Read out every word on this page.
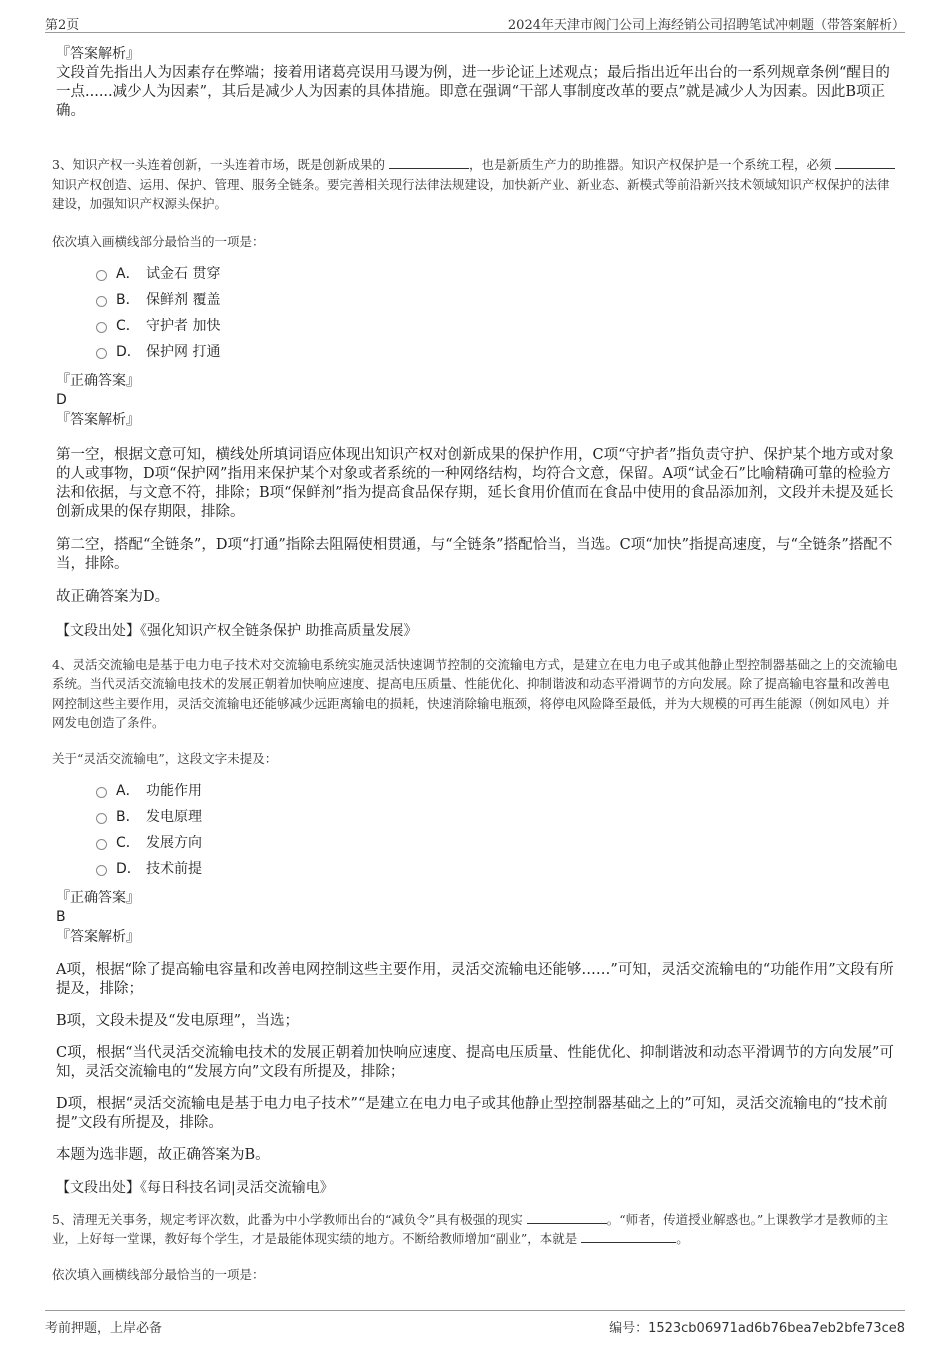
第2页	2024年天津市阀门公司上海经销公司招聘笔试冲刺题（带答案解析）

『答案解析』

文段首先指出人为因素存在弊端；接着用诸葛亮误用马谡为例，进一步论证上述观点；最后指出近年出台的一系列规章条例“醒目的一点......减少人为因素”，其后是减少人为因素的具体措施。即意在强调“干部人事制度改革的要点”就是减少人为因素。因此B项正确。

3、知识产权一头连着创新，一头连着市场，既是创新成果的	，也是新质生产力的助推器。知识产权保护是一个系统工程，必须 知识产权创造、运用、保护、管理、服务全链条。要完善相关现行法律法规建设，加快新产业、新业态、新模式等前沿新兴技术领域知识产权保护的法律建设，加强知识产权源头保护。

依次填入画横线部分最恰当的一项是：

A． 试金石 贯穿
B． 保鲜剂 覆盖
C． 守护者 加快
D． 保护网 打通

『正确答案』

D

『答案解析』

第一空，根据文意可知，横线处所填词语应体现出知识产权对创新成果的保护作用，C项“守护者”指负责守护、保护某个地方或对象的人或事物，D项“保护网”指用来保护某个对象或者系统的一种网络结构，均符合文意，保留。A项“试金石”比喻精确可靠的检验方法和依据，与文意不符，排除；B项“保鲜剂”指为提高食品保存期，延长食用价值而在食品中使用的食品添加剂，文段并未提及延长创新成果的保存期限，排除。

第二空，搭配“全链条”，D项“打通”指除去阻隔使相贯通，与“全链条”搭配恰当，当选。C项“加快”指提高速度，与“全链条”搭配不当，排除。

故正确答案为D。

【文段出处】《强化知识产权全链条保护 助推高质量发展》

4、灵活交流输电是基于电力电子技术对交流输电系统实施灵活快速调节控制的交流输电方式，是建立在电力电子或其他静止型控制器基础之上的交流输电系统。当代灵活交流输电技术的发展正朝着加快响应速度、提高电压质量、性能优化、抑制谐波和动态平滑调节的方向发展。除了提高输电容量和改善电网控制这些主要作用，灵活交流输电还能够减少远距离输电的损耗，快速消除输电瓶颈，将停电风险降至最低，并为大规模的可再生能源（例如风电）并网发电创造了条件。

关于“灵活交流输电”，这段文字未提及：

A． 功能作用
B． 发电原理
C． 发展方向
D． 技术前提

『正确答案』

B

『答案解析』

A项，根据“除了提高输电容量和改善电网控制这些主要作用，灵活交流输电还能够……”可知，灵活交流输电的“功能作用”文段有所提及，排除；

B项，文段未提及“发电原理”，当选；

C项，根据“当代灵活交流输电技术的发展正朝着加快响应速度、提高电压质量、性能优化、抑制谐波和动态平滑调节的方向发展”可知，灵活交流输电的“发展方向”文段有所提及，排除；

D项，根据“灵活交流输电是基于电力电子技术”“是建立在电力电子或其他静止型控制器基础之上的”可知，灵活交流输电的“技术前提”文段有所提及，排除。

本题为选非题，故正确答案为B。

【文段出处】《每日科技名词|灵活交流输电》

5、清理无关事务，规定考评次数，此番为中小学教师出台的“减负令”具有极强的现实	。“师者，传道授业解惑也。”上课教学才是教师的主业，上好每一堂课，教好每个学生，才是最能体现实绩的地方。不断给教师增加“副业”，本就是	。

依次填入画横线部分最恰当的一项是：

考前押题，上岸必备	编号：1523cb06971ad6b76bea7eb2bfe73ce8
